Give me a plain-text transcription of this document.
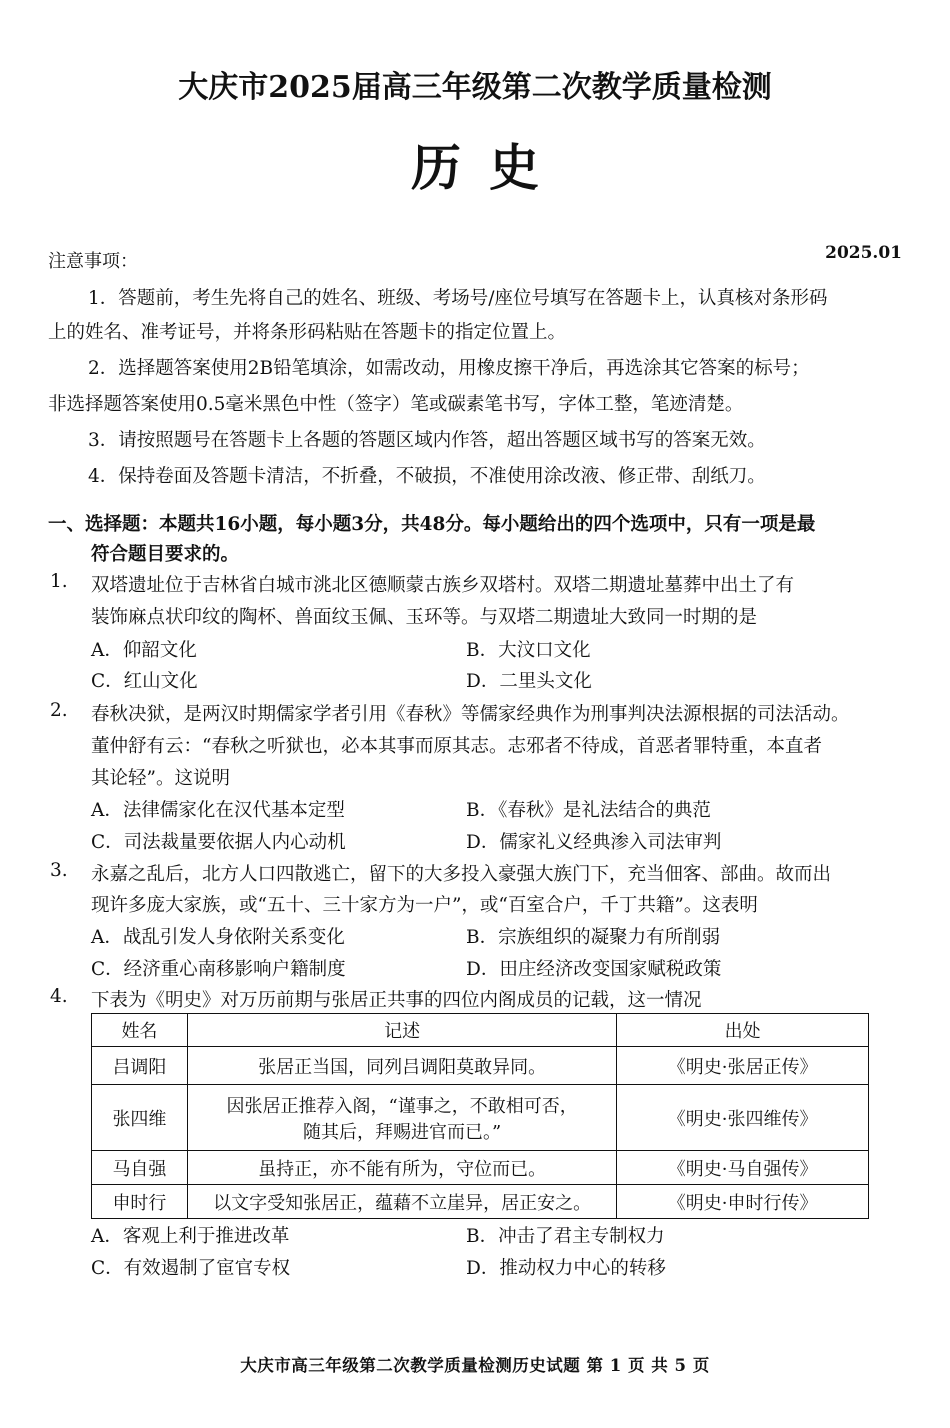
大庆市2025届高三年级第二次教学质量检测
历史
2025.01
注意事项：
1．答题前，考生先将自己的姓名、班级、考场号/座位号填写在答题卡上，认真核对条形码
上的姓名、准考证号，并将条形码粘贴在答题卡的指定位置上。
2．选择题答案使用2B铅笔填涂，如需改动，用橡皮擦干净后，再选涂其它答案的标号；
非选择题答案使用0.5毫米黑色中性（签字）笔或碳素笔书写，字体工整，笔迹清楚。
3．请按照题号在答题卡上各题的答题区域内作答，超出答题区域书写的答案无效。
4．保持卷面及答题卡清洁，不折叠，不破损，不准使用涂改液、修正带、刮纸刀。
一、选择题：本题共16小题，每小题3分，共48分。每小题给出的四个选项中，只有一项是最
符合题目要求的。
1. 双塔遗址位于吉林省白城市洮北区德顺蒙古族乡双塔村。双塔二期遗址墓葬中出土了有
装饰麻点状印纹的陶杯、兽面纹玉佩、玉环等。与双塔二期遗址大致同一时期的是
A．仰韶文化	B．大汶口文化
C．红山文化	D．二里头文化
2. 春秋决狱，是两汉时期儒家学者引用《春秋》等儒家经典作为刑事判决法源根据的司法活动。
董仲舒有云：“春秋之听狱也，必本其事而原其志。志邪者不待成，首恶者罪特重，本直者
其论轻”。这说明
A．法律儒家化在汉代基本定型	B．《春秋》是礼法结合的典范
C．司法裁量要依据人内心动机	D．儒家礼义经典渗入司法审判
3. 永嘉之乱后，北方人口四散逃亡，留下的大多投入豪强大族门下，充当佃客、部曲。故而出
现许多庞大家族，或“五十、三十家方为一户”，或“百室合户，千丁共籍”。这表明
A．战乱引发人身依附关系变化	B．宗族组织的凝聚力有所削弱
C．经济重心南移影响户籍制度	D．田庄经济改变国家赋税政策
4. 下表为《明史》对万历前期与张居正共事的四位内阁成员的记载，这一情况
姓名	记述	出处
吕调阳	张居正当国，同列吕调阳莫敢异同。	《明史·张居正传》
张四维	因张居正推荐入阁，“谨事之，不敢相可否，
随其后，拜赐进官而已。”	《明史·张四维传》
马自强	虽持正，亦不能有所为，守位而已。	《明史·马自强传》
申时行	以文字受知张居正，蕴藉不立崖异，居正安之。	《明史·申时行传》
A．客观上利于推进改革	B．冲击了君主专制权力
C．有效遏制了宦官专权	D．推动权力中心的转移
大庆市高三年级第二次教学质量检测历史试题 第 1 页 共 5 页
